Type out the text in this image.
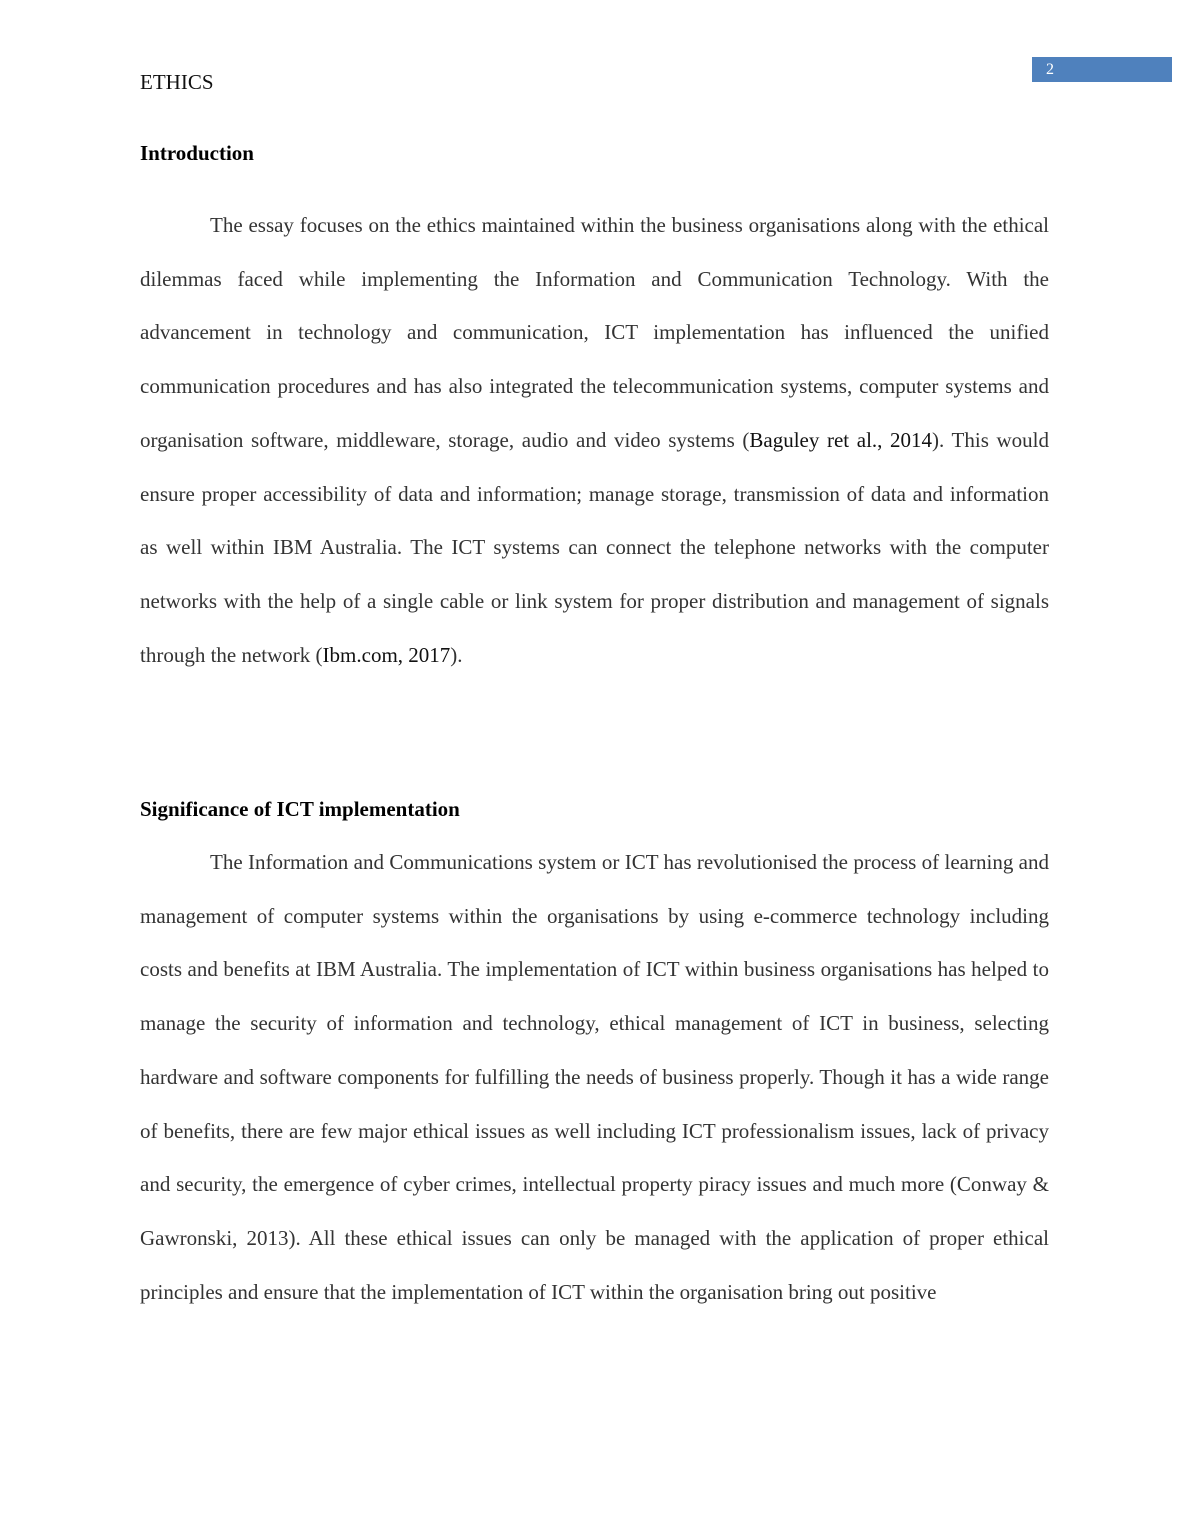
2
ETHICS
Introduction

The essay focuses on the ethics maintained within the business organisations along with the ethical dilemmas faced while implementing the Information and Communication Technology. With the advancement in technology and communication, ICT implementation has influenced the unified communication procedures and has also integrated the telecommunication systems, computer systems and organisation software, middleware, storage, audio and video systems (Baguley ret al., 2014). This would ensure proper accessibility of data and information; manage storage, transmission of data and information as well within IBM Australia. The ICT systems can connect the telephone networks with the computer networks with the help of a single cable or link system for proper distribution and management of signals through the network (Ibm.com, 2017).

Significance of ICT implementation

The Information and Communications system or ICT has revolutionised the process of learning and management of computer systems within the organisations by using e-commerce technology including costs and benefits at IBM Australia. The implementation of ICT within business organisations has helped to manage the security of information and technology, ethical management of ICT in business, selecting hardware and software components for fulfilling the needs of business properly. Though it has a wide range of benefits, there are few major ethical issues as well including ICT professionalism issues, lack of privacy and security, the emergence of cyber crimes, intellectual property piracy issues and much more (Conway & Gawronski, 2013). All these ethical issues can only be managed with the application of proper ethical principles and ensure that the implementation of ICT within the organisation bring out positive
